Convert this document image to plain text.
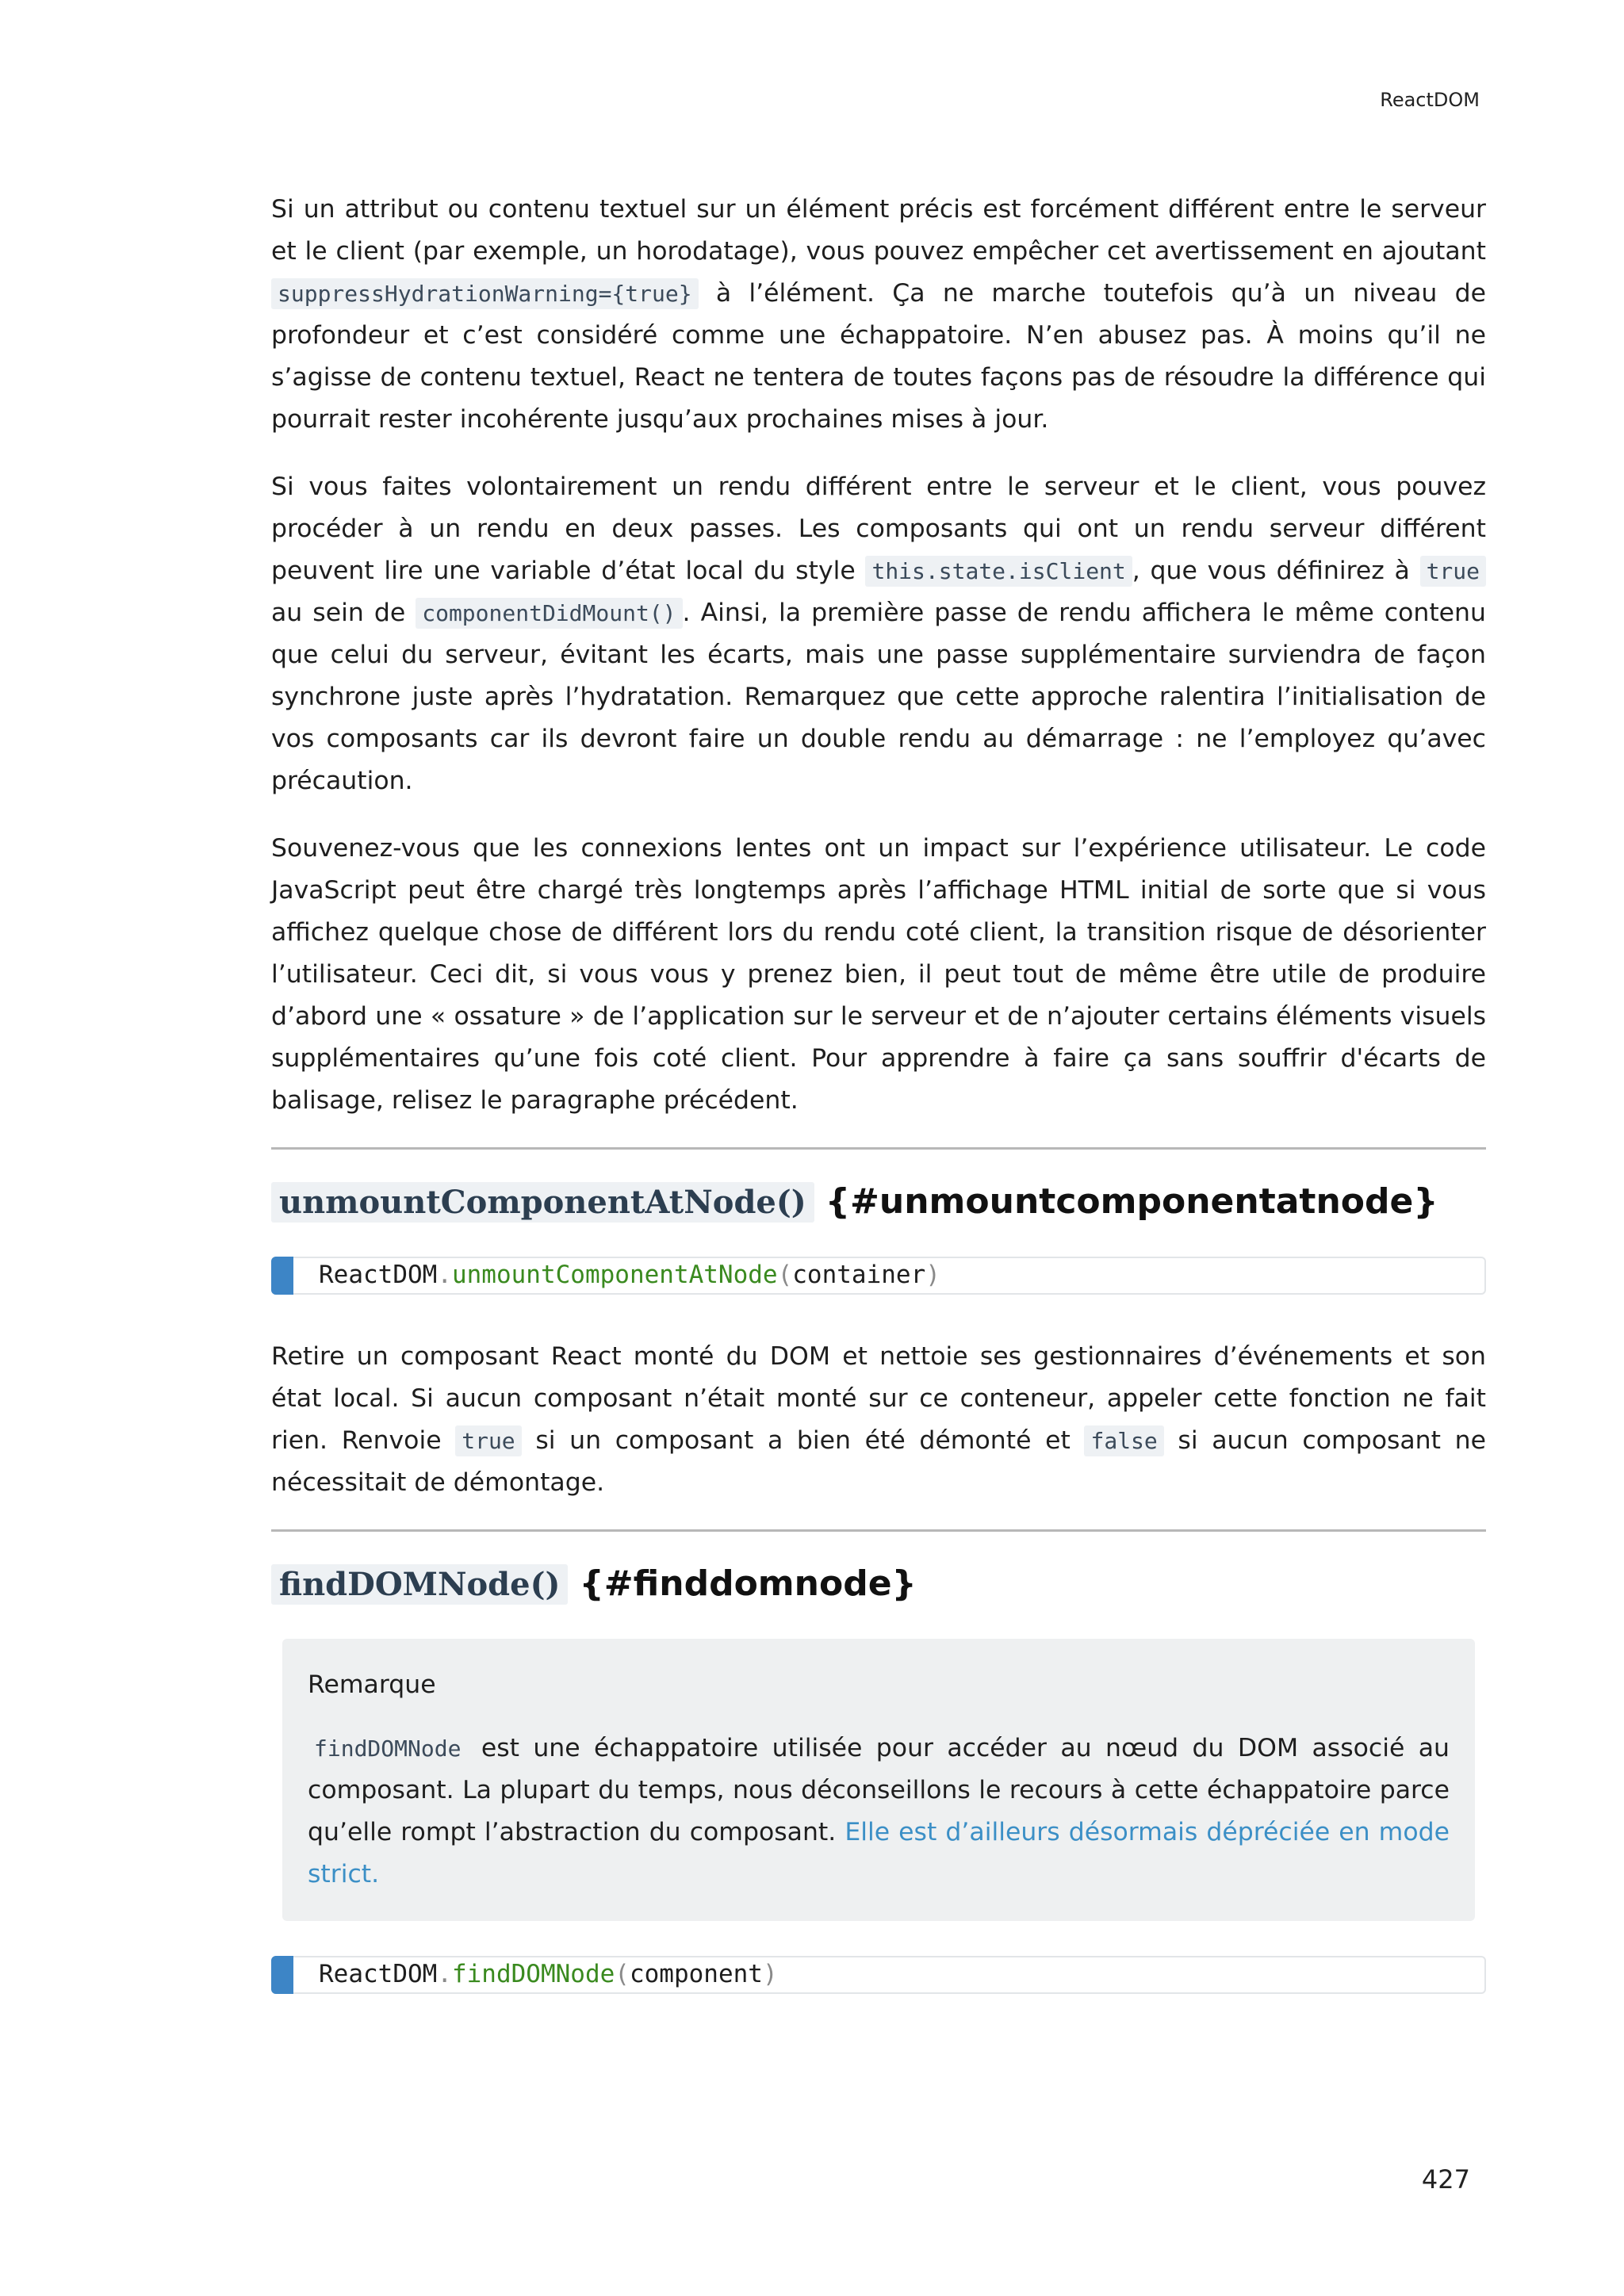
ReactDOM

Si un attribut ou contenu textuel sur un élément précis est forcément différent entre le serveur et le client (par exemple, un horodatage), vous pouvez empêcher cet avertissement en ajoutant suppressHydrationWarning={true} à l’élément. Ça ne marche toutefois qu’à un niveau de profondeur et c’est considéré comme une échappatoire. N’en abusez pas. À moins qu’il ne s’agisse de contenu textuel, React ne tentera de toutes façons pas de résoudre la différence qui pourrait rester incohérente jusqu’aux prochaines mises à jour.

Si vous faites volontairement un rendu différent entre le serveur et le client, vous pouvez procéder à un rendu en deux passes. Les composants qui ont un rendu serveur différent peuvent lire une variable d’état local du style this.state.isClient , que vous définirez à true au sein de componentDidMount() . Ainsi, la première passe de rendu affichera le même contenu que celui du serveur, évitant les écarts, mais une passe supplémentaire surviendra de façon synchrone juste après l’hydratation. Remarquez que cette approche ralentira l’initialisation de vos composants car ils devront faire un double rendu au démarrage : ne l’employez qu’avec précaution.

Souvenez-vous que les connexions lentes ont un impact sur l’expérience utilisateur. Le code JavaScript peut être chargé très longtemps après l’affichage HTML initial de sorte que si vous affichez quelque chose de différent lors du rendu coté client, la transition risque de désorienter l’utilisateur. Ceci dit, si vous vous y prenez bien, il peut tout de même être utile de produire d’abord une « ossature » de l’application sur le serveur et de n’ajouter certains éléments visuels supplémentaires qu’une fois coté client. Pour apprendre à faire ça sans souffrir d'écarts de balisage, relisez le paragraphe précédent.

unmountComponentAtNode() {#unmountcomponentatnode}
ReactDOM.unmountComponentAtNode(container)

Retire un composant React monté du DOM et nettoie ses gestionnaires d’événements et son état local. Si aucun composant n’était monté sur ce conteneur, appeler cette fonction ne fait rien. Renvoie true si un composant a bien été démonté et false si aucun composant ne nécessitait de démontage.

findDOMNode() {#finddomnode}
Remarque

findDOMNode est une échappatoire utilisée pour accéder au nœud du DOM associé au composant. La plupart du temps, nous déconseillons le recours à cette échappatoire parce qu’elle rompt l’abstraction du composant. Elle est d’ailleurs désormais dépréciée en mode strict.

ReactDOM.findDOMNode(component)
427
